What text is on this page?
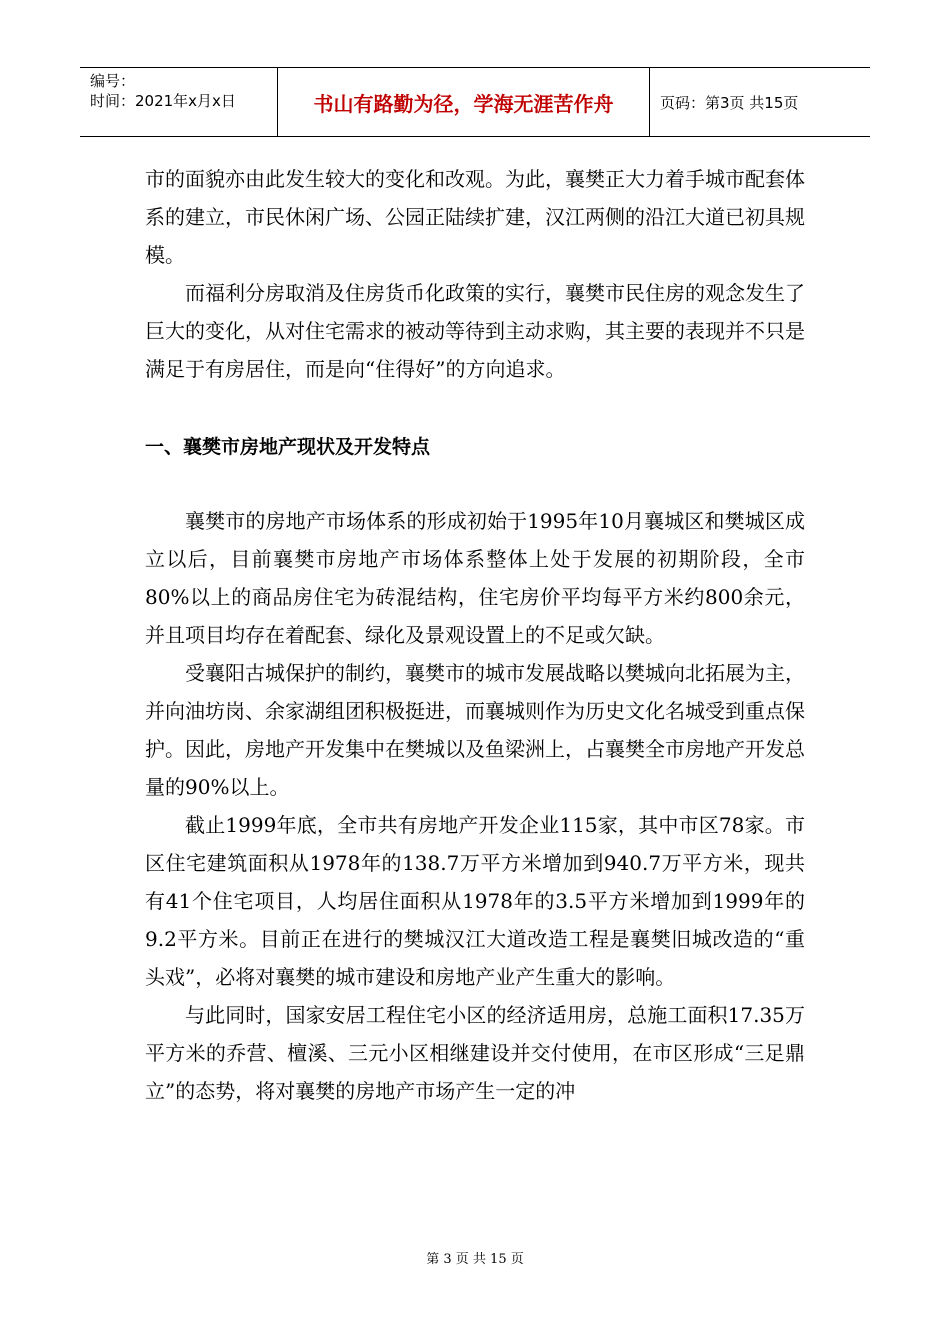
编号：
时间：2021年x月x日	书山有路勤为径，学海无涯苦作舟	页码：第3页 共15页

市的面貌亦由此发生较大的变化和改观。为此，襄樊正大力着手城市配套体系的建立，市民休闲广场、公园正陆续扩建，汉江两侧的沿江大道已初具规模。

而福利分房取消及住房货币化政策的实行，襄樊市民住房的观念发生了巨大的变化，从对住宅需求的被动等待到主动求购，其主要的表现并不只是满足于有房居住，而是向“住得好”的方向追求。

一、襄樊市房地产现状及开发特点

襄樊市的房地产市场体系的形成初始于1995年10月襄城区和樊城区成立以后，目前襄樊市房地产市场体系整体上处于发展的初期阶段，全市80%以上的商品房住宅为砖混结构，住宅房价平均每平方米约800余元，并且项目均存在着配套、绿化及景观设置上的不足或欠缺。

受襄阳古城保护的制约，襄樊市的城市发展战略以樊城向北拓展为主，并向油坊岗、余家湖组团积极挺进，而襄城则作为历史文化名城受到重点保护。因此，房地产开发集中在樊城以及鱼梁洲上，占襄樊全市房地产开发总量的90%以上。

截止1999年底，全市共有房地产开发企业115家，其中市区78家。市区住宅建筑面积从1978年的138.7万平方米增加到940.7万平方米，现共有41个住宅项目，人均居住面积从1978年的3.5平方米增加到1999年的9.2平方米。目前正在进行的樊城汉江大道改造工程是襄樊旧城改造的“重头戏”，必将对襄樊的城市建设和房地产业产生重大的影响。

与此同时，国家安居工程住宅小区的经济适用房，总施工面积17.35万平方米的乔营、檀溪、三元小区相继建设并交付使用，在市区形成“三足鼎立”的态势，将对襄樊的房地产市场产生一定的冲

第 3 页 共 15 页
